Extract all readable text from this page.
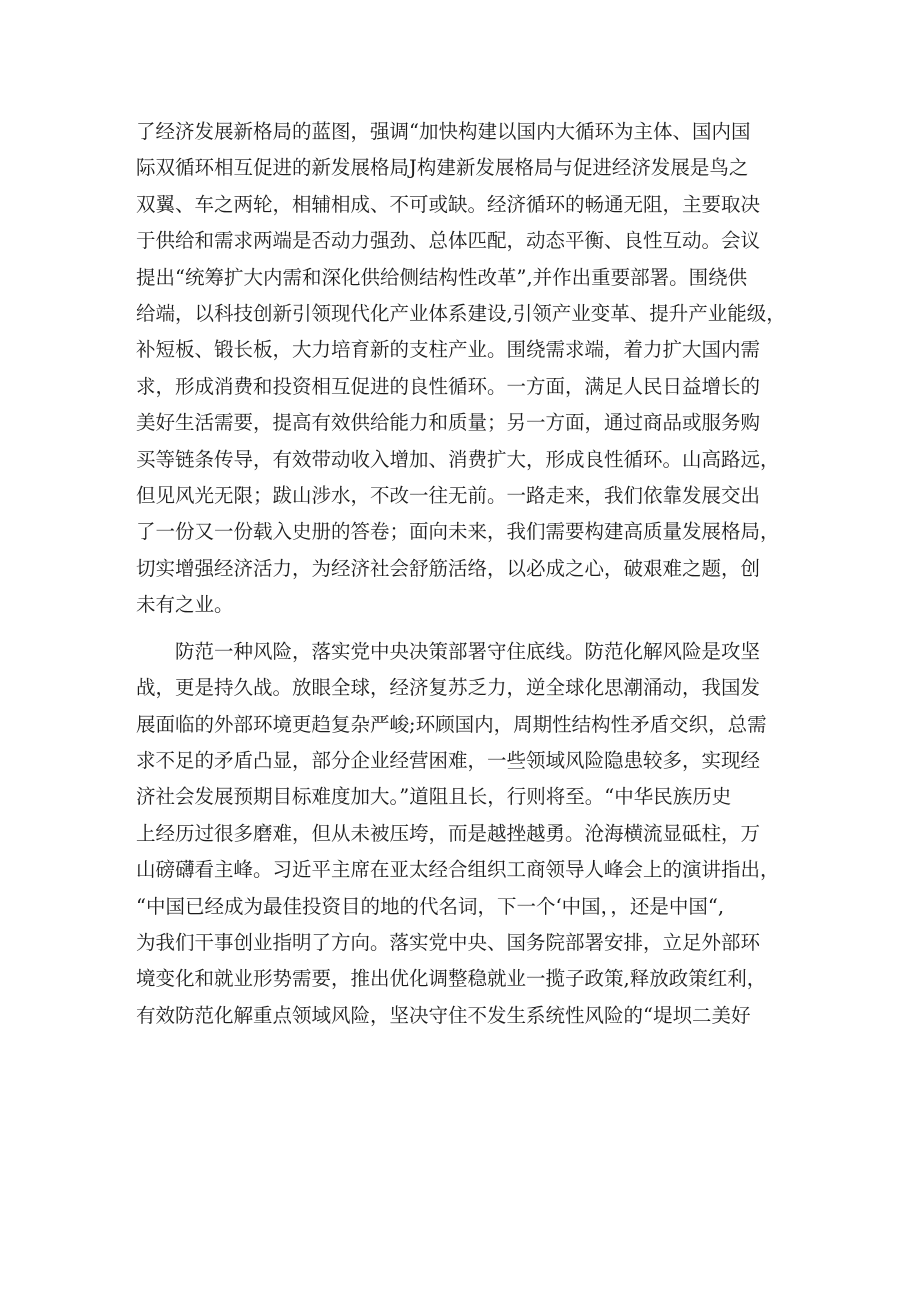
了经济发展新格局的蓝图，强调“加快构建以国内大循环为主体、国内国
际双循环相互促进的新发展格局J构建新发展格局与促进经济发展是鸟之
双翼、车之两轮，相辅相成、不可或缺。经济循环的畅通无阻，主要取决
于供给和需求两端是否动力强劲、总体匹配，动态平衡、良性互动。会议
提出“统筹扩大内需和深化供给侧结构性改革”,并作出重要部署。围绕供
给端，以科技创新引领现代化产业体系建设,引领产业变革、提升产业能级，
补短板、锻长板，大力培育新的支柱产业。围绕需求端，着力扩大国内需
求，形成消费和投资相互促进的良性循环。一方面，满足人民日益增长的
美好生活需要，提高有效供给能力和质量；另一方面，通过商品或服务购
买等链条传导，有效带动收入增加、消费扩大，形成良性循环。山高路远，
但见风光无限；跋山涉水，不改一往无前。一路走来，我们依靠发展交出
了一份又一份载入史册的答卷；面向未来，我们需要构建高质量发展格局，
切实增强经济活力，为经济社会舒筋活络，以必成之心，破艰难之题，创
未有之业。

防范一种风险，落实党中央决策部署守住底线。防范化解风险是攻坚
战，更是持久战。放眼全球，经济复苏乏力，逆全球化思潮涌动，我国发
展面临的外部环境更趋复杂严峻;环顾国内，周期性结构性矛盾交织，总需
求不足的矛盾凸显，部分企业经营困难，一些领域风险隐患较多，实现经
济社会发展预期目标难度加大。”道阻且长，行则将至。“中华民族历史
上经历过很多磨难，但从未被压垮，而是越挫越勇。沧海横流显砥柱，万
山磅礴看主峰。习近平主席在亚太经合组织工商领导人峰会上的演讲指出，
“中国已经成为最佳投资目的地的代名词，下一个‘中国，，还是中国“,
为我们干事创业指明了方向。落实党中央、国务院部署安排，立足外部环
境变化和就业形势需要，推出优化调整稳就业一揽子政策,释放政策红利，
有效防范化解重点领域风险，坚决守住不发生系统性风险的“堤坝二美好
